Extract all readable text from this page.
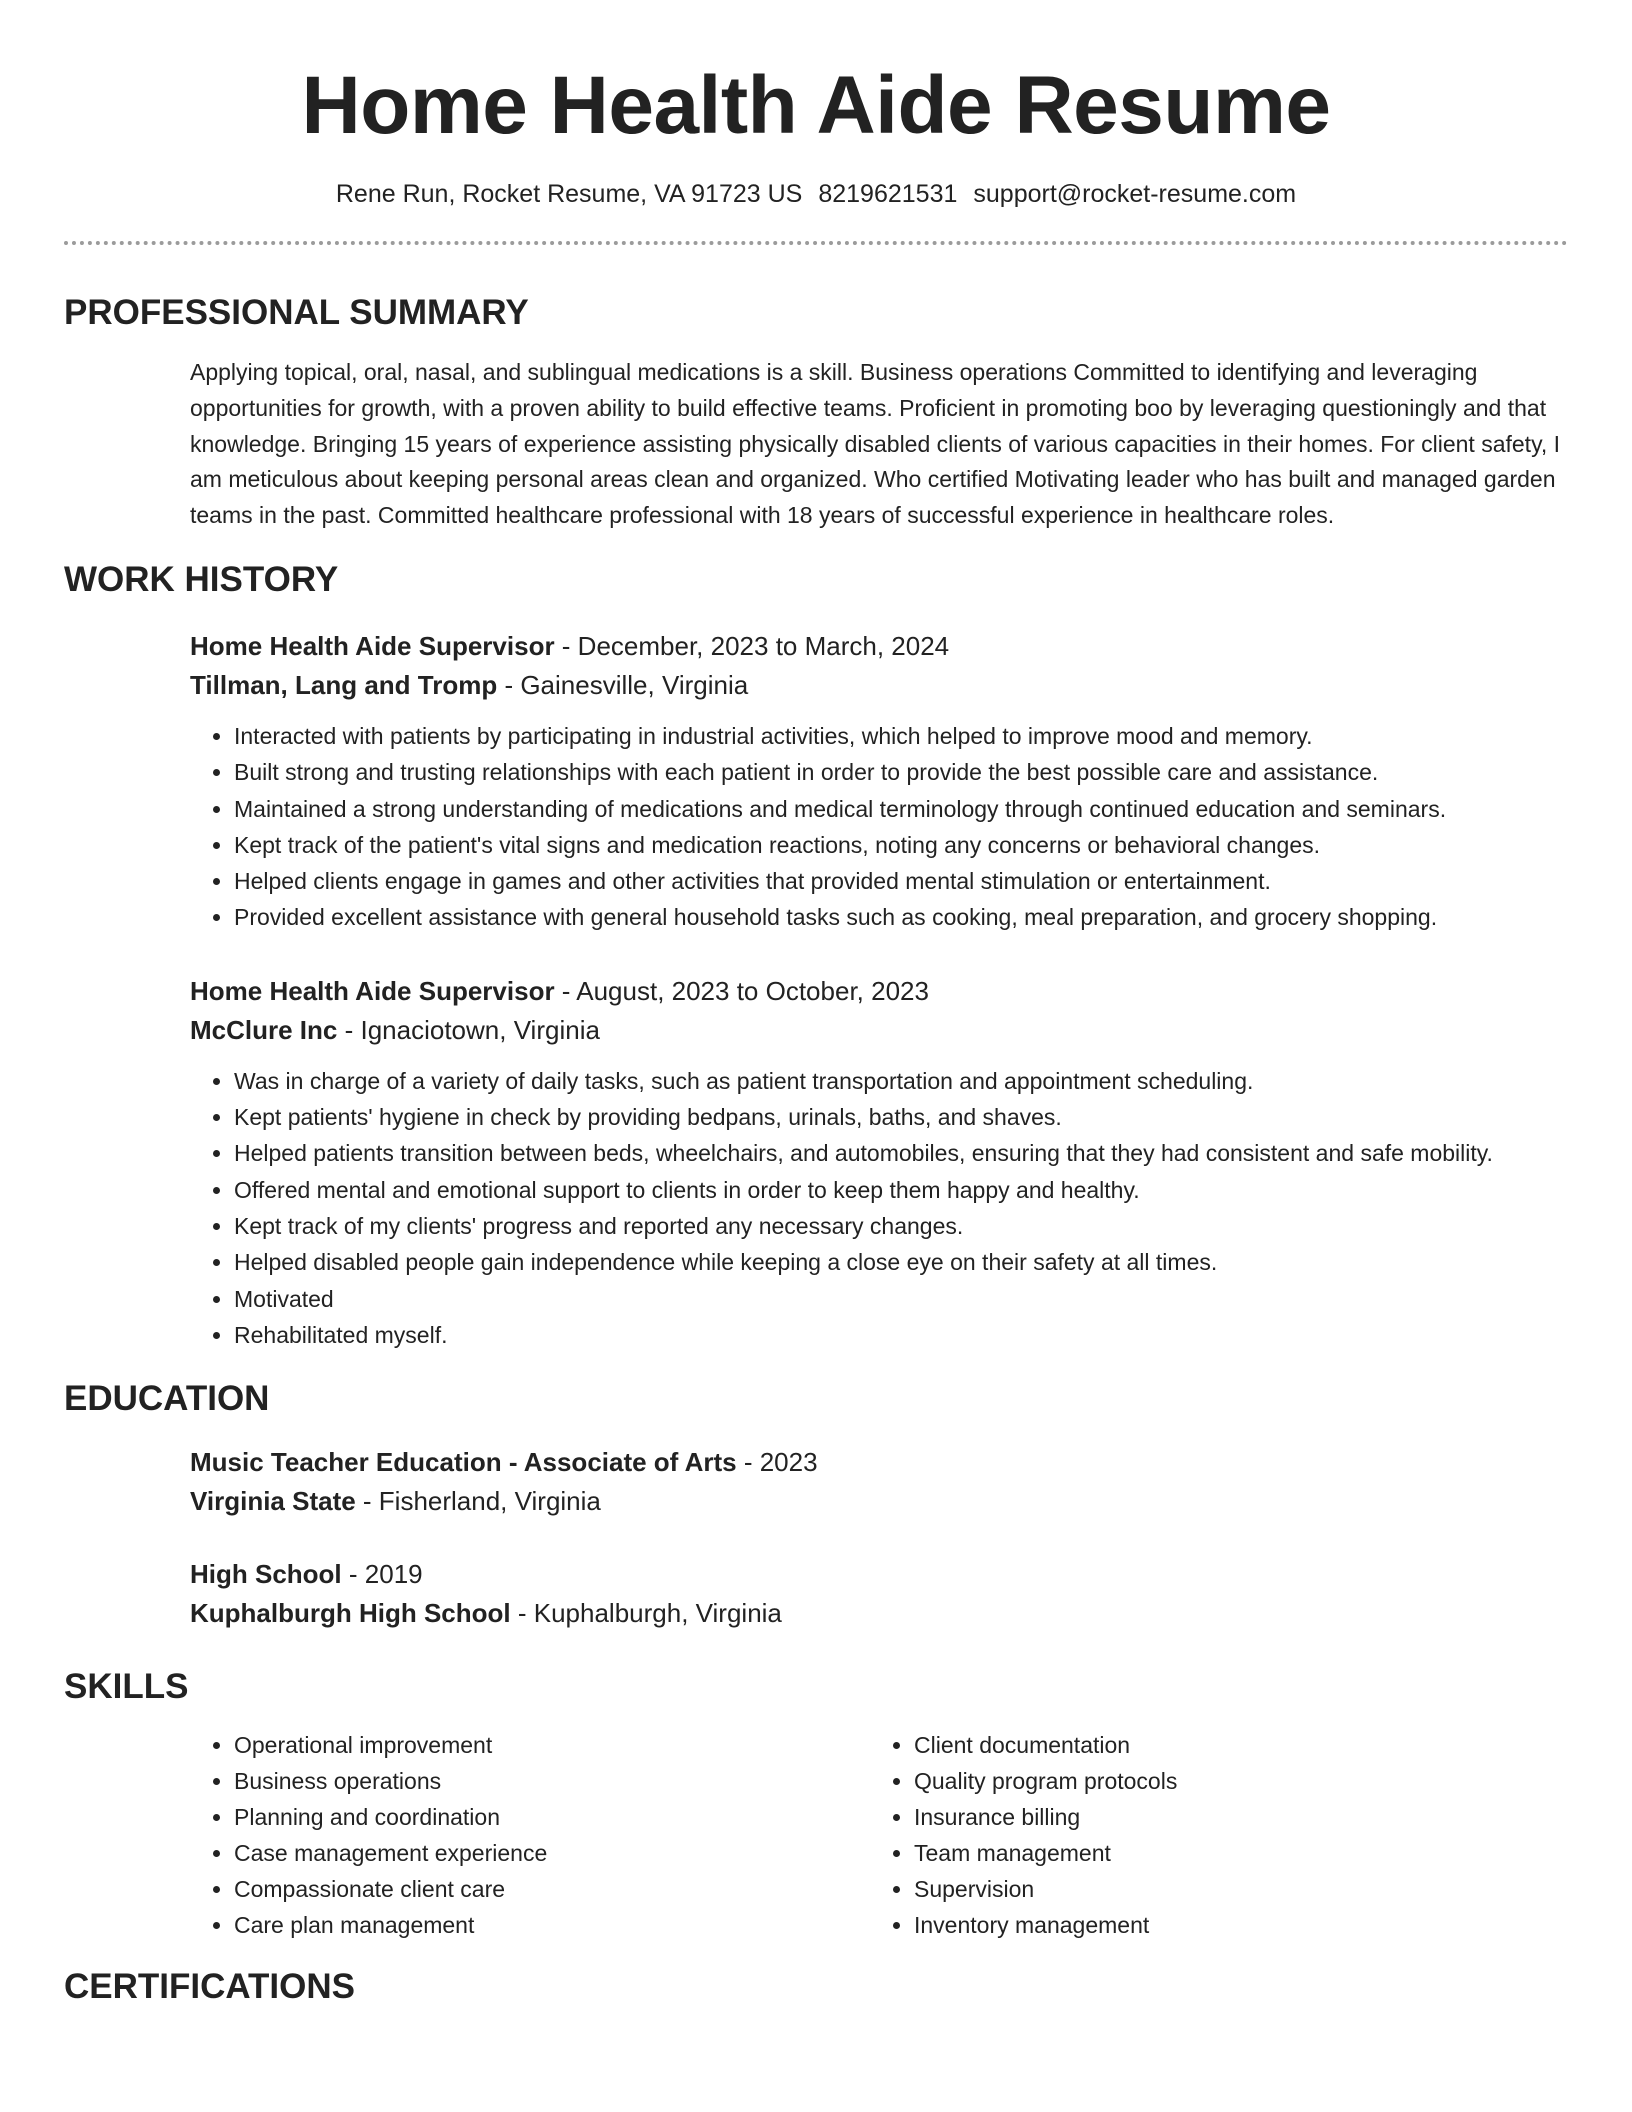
Home Health Aide Resume
Rene Run, Rocket Resume, VA 91723 US 8219621531 support@rocket-resume.com
PROFESSIONAL SUMMARY
Applying topical, oral, nasal, and sublingual medications is a skill. Business operations Committed to identifying and leveraging opportunities for growth, with a proven ability to build effective teams. Proficient in promoting boo by leveraging questioningly and that knowledge. Bringing 15 years of experience assisting physically disabled clients of various capacities in their homes. For client safety, I am meticulous about keeping personal areas clean and organized. Who certified Motivating leader who has built and managed garden teams in the past. Committed healthcare professional with 18 years of successful experience in healthcare roles.
WORK HISTORY
Home Health Aide Supervisor - December, 2023 to March, 2024
Tillman, Lang and Tromp - Gainesville, Virginia
• Interacted with patients by participating in industrial activities, which helped to improve mood and memory.
• Built strong and trusting relationships with each patient in order to provide the best possible care and assistance.
• Maintained a strong understanding of medications and medical terminology through continued education and seminars.
• Kept track of the patient's vital signs and medication reactions, noting any concerns or behavioral changes.
• Helped clients engage in games and other activities that provided mental stimulation or entertainment.
• Provided excellent assistance with general household tasks such as cooking, meal preparation, and grocery shopping.
Home Health Aide Supervisor - August, 2023 to October, 2023
McClure Inc - Ignaciotown, Virginia
• Was in charge of a variety of daily tasks, such as patient transportation and appointment scheduling.
• Kept patients' hygiene in check by providing bedpans, urinals, baths, and shaves.
• Helped patients transition between beds, wheelchairs, and automobiles, ensuring that they had consistent and safe mobility.
• Offered mental and emotional support to clients in order to keep them happy and healthy.
• Kept track of my clients' progress and reported any necessary changes.
• Helped disabled people gain independence while keeping a close eye on their safety at all times.
• Motivated
• Rehabilitated myself.
EDUCATION
Music Teacher Education - Associate of Arts - 2023
Virginia State - Fisherland, Virginia
High School - 2019
Kuphalburgh High School - Kuphalburgh, Virginia
SKILLS
• Operational improvement
• Business operations
• Planning and coordination
• Case management experience
• Compassionate client care
• Care plan management
• Client documentation
• Quality program protocols
• Insurance billing
• Team management
• Supervision
• Inventory management
CERTIFICATIONS
